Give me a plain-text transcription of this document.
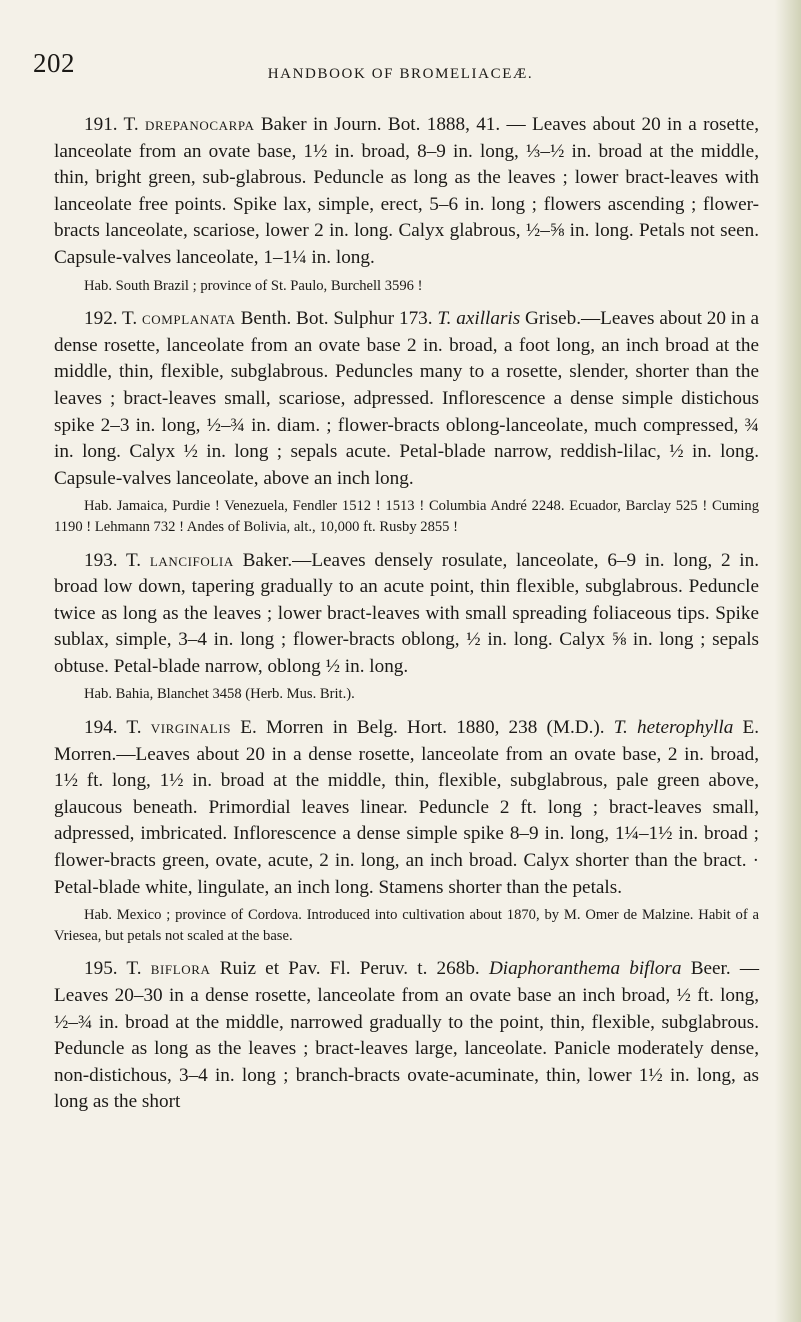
202	HANDBOOK OF BROMELIACEÆ.

191. T. drepanocarpa Baker in Journ. Bot. 1888, 41. — Leaves about 20 in a rosette, lanceolate from an ovate base, 1½ in. broad, 8–9 in. long, ⅓–½ in. broad at the middle, thin, bright green, sub-glabrous. Peduncle as long as the leaves ; lower bract-leaves with lanceolate free points. Spike lax, simple, erect, 5–6 in. long ; flowers ascending ; flower-bracts lanceolate, scariose, lower 2 in. long. Calyx glabrous, ½–⅝ in. long. Petals not seen. Capsule-valves lanceolate, 1–1¼ in. long.

Hab. South Brazil ; province of St. Paulo, Burchell 3596 !

192. T. complanata Benth. Bot. Sulphur 173. T. axillaris Griseb.—Leaves about 20 in a dense rosette, lanceolate from an ovate base 2 in. broad, a foot long, an inch broad at the middle, thin, flexible, subglabrous. Peduncles many to a rosette, slender, shorter than the leaves ; bract-leaves small, scariose, adpressed. Inflorescence a dense simple distichous spike 2–3 in. long, ½–¾ in. diam. ; flower-bracts oblong-lanceolate, much compressed, ¾ in. long. Calyx ½ in. long ; sepals acute. Petal-blade narrow, reddish-lilac, ½ in. long. Capsule-valves lanceolate, above an inch long.

Hab. Jamaica, Purdie ! Venezuela, Fendler 1512 ! 1513 ! Columbia André 2248. Ecuador, Barclay 525 ! Cuming 1190 ! Lehmann 732 ! Andes of Bolivia, alt., 10,000 ft. Rusby 2855 !

193. T. lancifolia Baker.—Leaves densely rosulate, lanceolate, 6–9 in. long, 2 in. broad low down, tapering gradually to an acute point, thin flexible, subglabrous. Peduncle twice as long as the leaves ; lower bract-leaves with small spreading foliaceous tips. Spike sublax, simple, 3–4 in. long ; flower-bracts oblong, ½ in. long. Calyx ⅝ in. long ; sepals obtuse. Petal-blade narrow, oblong ½ in. long.

Hab. Bahia, Blanchet 3458 (Herb. Mus. Brit.).

194. T. virginalis E. Morren in Belg. Hort. 1880, 238 (M.D.). T. heterophylla E. Morren.—Leaves about 20 in a dense rosette, lanceolate from an ovate base, 2 in. broad, 1½ ft. long, 1½ in. broad at the middle, thin, flexible, subglabrous, pale green above, glaucous beneath. Primordial leaves linear. Peduncle 2 ft. long ; bract-leaves small, adpressed, imbricated. Inflorescence a dense simple spike 8–9 in. long, 1¼–1½ in. broad ; flower-bracts green, ovate, acute, 2 in. long, an inch broad. Calyx shorter than the bract. · Petal-blade white, lingulate, an inch long. Stamens shorter than the petals.

Hab. Mexico ; province of Cordova. Introduced into cultivation about 1870, by M. Omer de Malzine. Habit of a Vriesea, but petals not scaled at the base.

195. T. biflora Ruiz et Pav. Fl. Peruv. t. 268b. Diaphoranthema biflora Beer. — Leaves 20–30 in a dense rosette, lanceolate from an ovate base an inch broad, ½ ft. long, ½–¾ in. broad at the middle, narrowed gradually to the point, thin, flexible, subglabrous. Peduncle as long as the leaves ; bract-leaves large, lanceolate. Panicle moderately dense, non-distichous, 3–4 in. long ; branch-bracts ovate-acuminate, thin, lower 1½ in. long, as long as the short
